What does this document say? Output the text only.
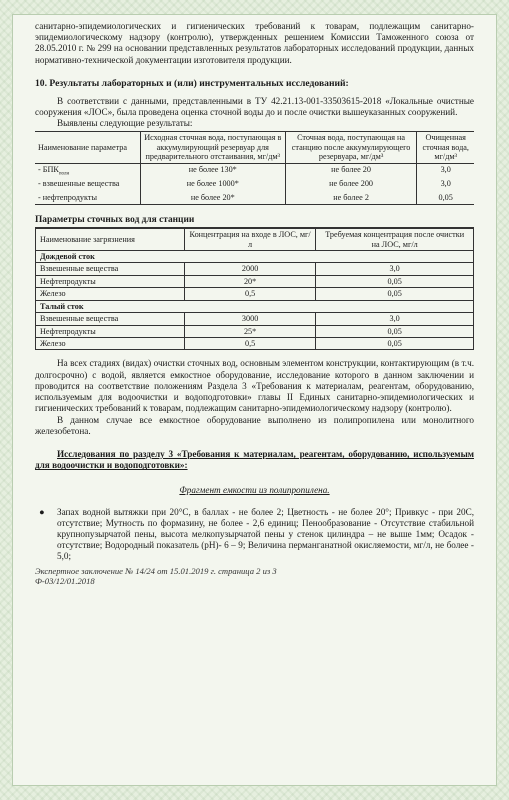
санитарно-эпидемиологических и гигиенических требований к товарам, подлежащим санитарно-эпидемиологическому надзору (контролю), утвержденных решением Комиссии Таможенного союза от 28.05.2010 г. № 299 на основании представленных результатов лабораторных исследований продукции, данных нормативно-технической документации изготовителя продукции.

10. Результаты лабораторных и (или) инструментальных исследований:

В соответствии с данными, представленными в ТУ 42.21.13-001-33503615-2018 «Локальные очистные сооружения «ЛОС», была проведена оценка сточной воды до и после очистки вышеуказанных сооружений.

Выявлены следующие результаты:

Наименование параметра	Исходная сточная вода, поступающая в аккумулирующий резервуар для предварительного отстаивания, мг/дм³	Сточная вода, поступающая на станцию после аккумулирующего резервуара, мг/дм³	Очищенная сточная вода, мг/дм³
- $БПК_{полн}$	не более 130*	не более 20	3,0
- взвешенные вещества	не более 1000*	не более 200	3,0
- нефтепродукты	не более 20*	не более 2	0,05

Параметры сточных вод для станции

Наименование загрязнения	Концентрация на входе в ЛОС, мг/л	Требуемая концентрация после очистки на ЛОС, мг/л
Дождевой сток		
Взвешенные вещества	2000	3,0
Нефтепродукты	20*	0,05
Железо	0,5	0,05
Талый сток		
Взвешенные вещества	3000	3,0
Нефтепродукты	25*	0,05
Железо	0,5	0,05

На всех стадиях (видах) очистки сточных вод, основным элементом конструкции, контактирующим (в т.ч. долгосрочно) с водой, является емкостное оборудование, исследование которого в данном заключении и проводится на соответствие положениям Раздела 3 «Требования к материалам, реагентам, оборудованию, используемым для водоочистки и водоподготовки» главы II Единых санитарно-эпидемиологических и гигиенических требований к товарам, подлежащим санитарно-эпидемиологическому надзору (контролю).

В данном случае все емкостное оборудование выполнено из полипропилена или монолитного железобетона.

Исследования по разделу 3 «Требования к материалам, реагентам, оборудованию, используемым для водоочистки и водоподготовки»:

Фрагмент емкости из полипропилена.

● Запах водной вытяжки при 20°С, в баллах - не более 2; Цветность - не более 20°; Привкус - при 20С, отсутствие; Мутность по формазину, не более - 2,6 единиц; Пенообразование - Отсутствие стабильной крупнопузырчатой пены, высота мелкопузырчатой пены у стенок цилиндра – не выше 1мм; Осадок - отсутствие; Водородный показатель (рН)- 6 – 9; Величина перманганатной окисляемости, мг/л, не более - 5,0;

Экспертное заключение № 14/24 от 15.01.2019 г. страница 2 из 3

Ф-03/12/01.2018
